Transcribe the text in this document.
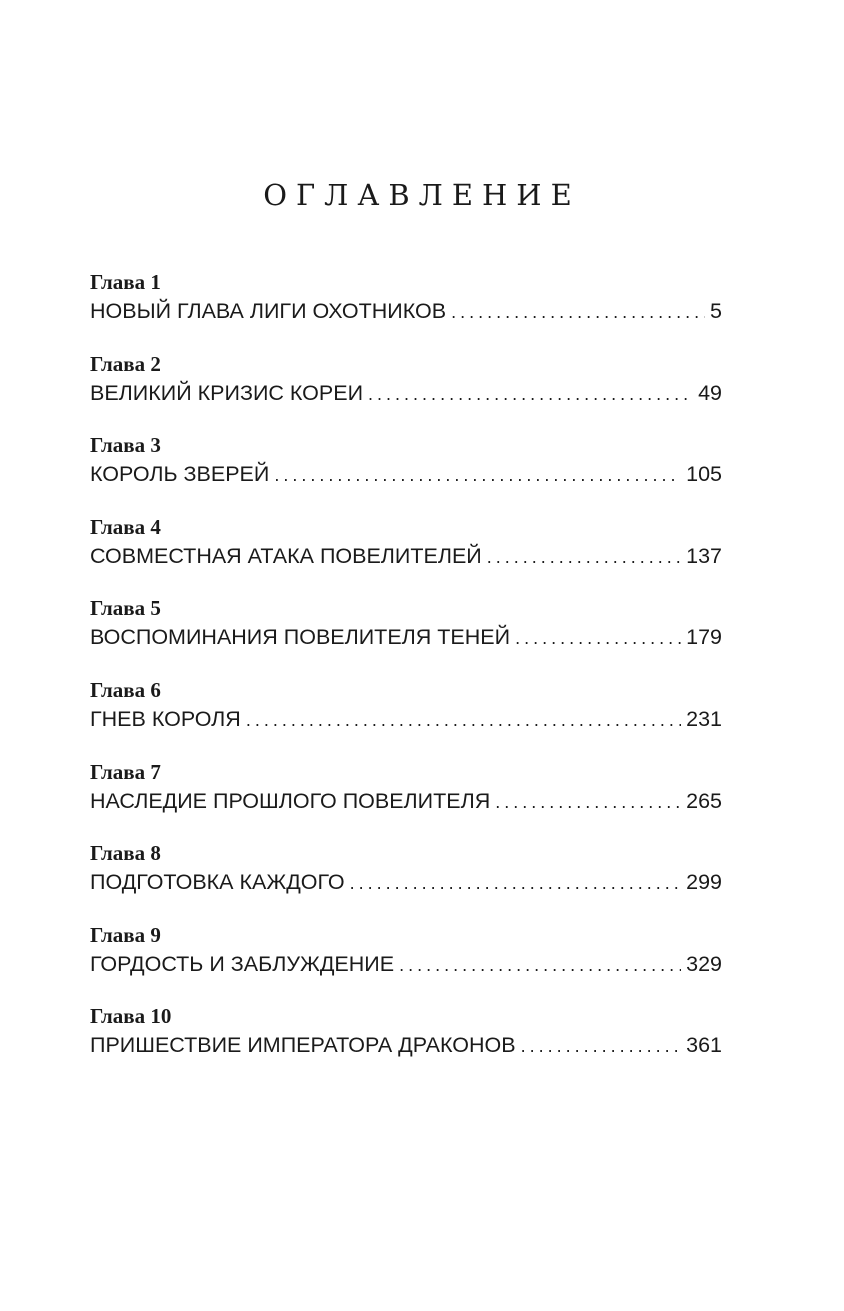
ОГЛАВЛЕНИЕ
Глава 1
НОВЫЙ ГЛАВА ЛИГИ ОХОТНИКОВ . . .	5
Глава 2
ВЕЛИКИЙ КРИЗИС КОРЕИ . . .	49
Глава 3
КОРОЛЬ ЗВЕРЕЙ . . .	105
Глава 4
СОВМЕСТНАЯ АТАКА ПОВЕЛИТЕЛЕЙ . . .	137
Глава 5
ВОСПОМИНАНИЯ ПОВЕЛИТЕЛЯ ТЕНЕЙ . . .	179
Глава 6
ГНЕВ КОРОЛЯ . . .	231
Глава 7
НАСЛЕДИЕ ПРОШЛОГО ПОВЕЛИТЕЛЯ . . .	265
Глава 8
ПОДГОТОВКА КАЖДОГО . . .	299
Глава 9
ГОРДОСТЬ И ЗАБЛУЖДЕНИЕ . . .	329
Глава 10
ПРИШЕСТВИЕ ИМПЕРАТОРА ДРАКОНОВ . . .	361
